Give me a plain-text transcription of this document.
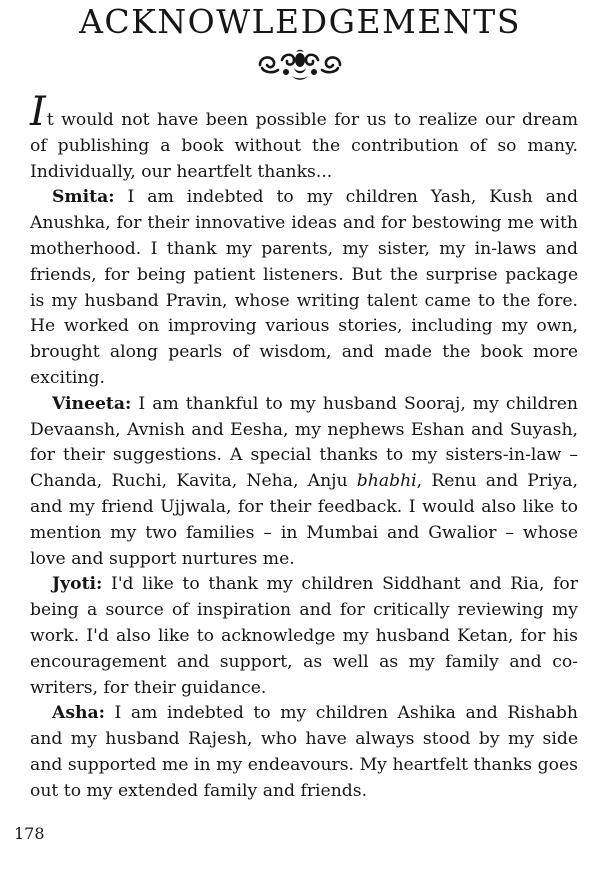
ACKNOWLEDGEMENTS

It would not have been possible for us to realize our dream of publishing a book without the contribution of so many. Individually, our heartfelt thanks...

Smita: I am indebted to my children Yash, Kush and Anushka, for their innovative ideas and for bestowing me with motherhood. I thank my parents, my sister, my in-laws and friends, for being patient listeners. But the surprise package is my husband Pravin, whose writing talent came to the fore. He worked on improving various stories, including my own, brought along pearls of wisdom, and made the book more exciting.

Vineeta: I am thankful to my husband Sooraj, my children Devaansh, Avnish and Eesha, my nephews Eshan and Suyash, for their suggestions. A special thanks to my sisters-in-law – Chanda, Ruchi, Kavita, Neha, Anju bhabhi, Renu and Priya, and my friend Ujjwala, for their feedback. I would also like to mention my two families – in Mumbai and Gwalior – whose love and support nurtures me.

Jyoti: I'd like to thank my children Siddhant and Ria, for being a source of inspiration and for critically reviewing my work. I'd also like to acknowledge my husband Ketan, for his encouragement and support, as well as my family and co-writers, for their guidance.

Asha: I am indebted to my children Ashika and Rishabh and my husband Rajesh, who have always stood by my side and supported me in my endeavours. My heartfelt thanks goes out to my extended family and friends.

178
